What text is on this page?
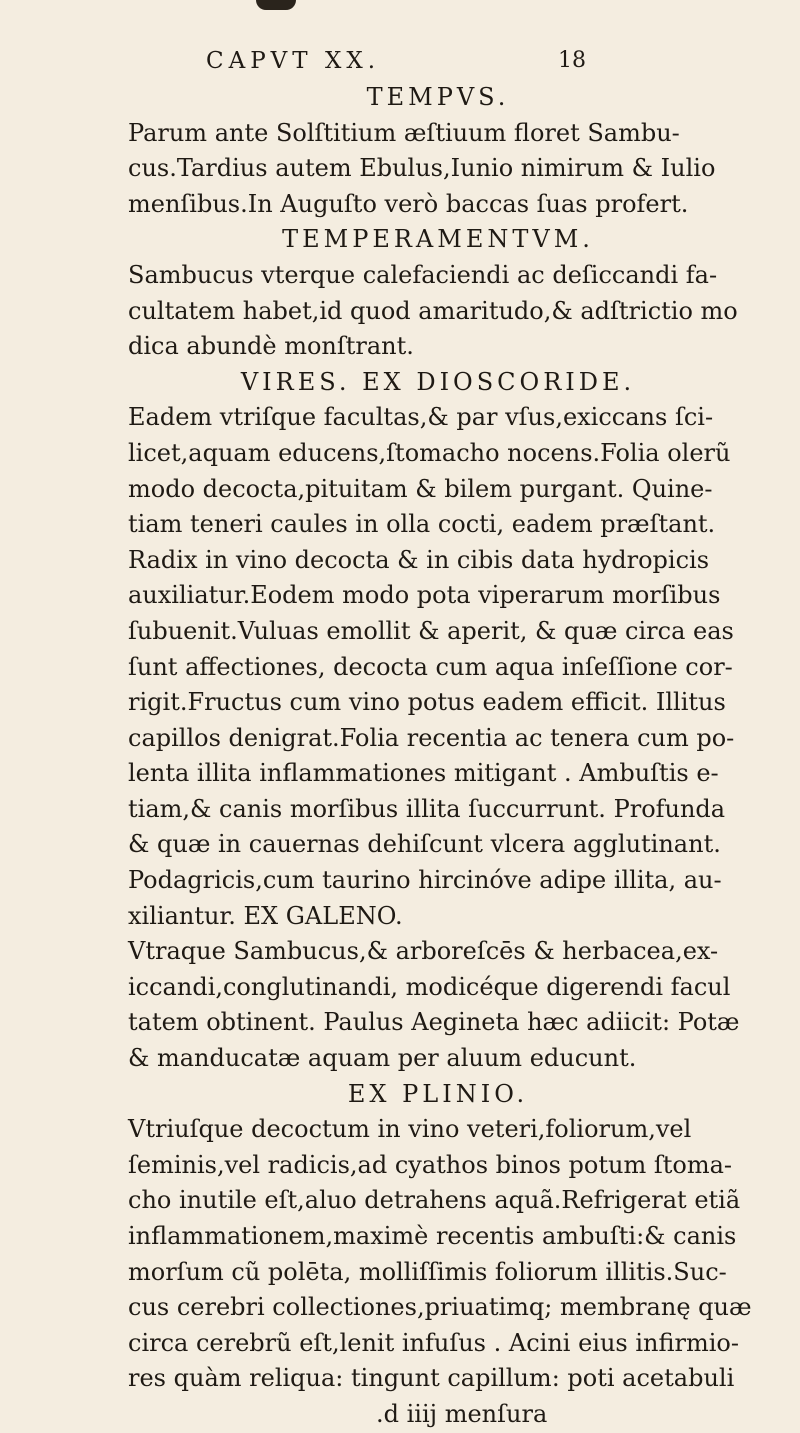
CAPVT XX.	18
TEMPVS.
Parum ante Solſtitium æſtiuum floret Sambu-
cus.Tardius autem Ebulus,Iunio nimirum & Iulio
menſibus.In Auguſto verò baccas ſuas profert.
TEMPERAMENTVM.
Sambucus vterque calefaciendi ac deſiccandi fa-
cultatem habet,id quod amaritudo,& adſtrictio mo
dica abundè monſtrant.
VIRES. EX DIOSCORIDE.
Eadem vtriſque facultas,& par vſus,exiccans ſci-
licet,aquam educens,ſtomacho nocens.Folia olerũ
modo decocta,pituitam & bilem purgant. Quine-
tiam teneri caules in olla cocti, eadem præſtant.
Radix in vino decocta & in cibis data hydropicis
auxiliatur.Eodem modo pota viperarum morſibus
ſubuenit.Vuluas emollit & aperit, & quæ circa eas
ſunt affectiones, decocta cum aqua inſeſſione cor-
rigit.Fructus cum vino potus eadem efficit. Illitus
capillos denigrat.Folia recentia ac tenera cum po-
lenta illita inflammationes mitigant . Ambuſtis e-
tiam,& canis morſibus illita ſuccurrunt. Profunda
& quæ in cauernas dehiſcunt vlcera agglutinant.
Podagricis,cum taurino hircinóve adipe illita, au-
xiliantur. EX GALENO.
Vtraque Sambucus,& arboreſcēs & herbacea,ex-
iccandi,conglutinandi, modicéque digerendi facul
tatem obtinent. Paulus Aegineta hæc adiicit: Potæ
& manducatæ aquam per aluum educunt.
EX PLINIO.
Vtriuſque decoctum in vino veteri,foliorum,vel
ſeminis,vel radicis,ad cyathos binos potum ſtoma-
cho inutile eſt,aluo detrahens aquã.Refrigerat etiã
inflammationem,maximè recentis ambuſti:& canis
morſum cũ polēta, molliſſimis foliorum illitis.Suc-
cus cerebri collectiones,priuatimq; membranę quæ
circa cerebrũ eſt,lenit infuſus . Acini eius infirmio-
res quàm reliqua: tingunt capillum: poti acetabuli
.d iiij menſura
